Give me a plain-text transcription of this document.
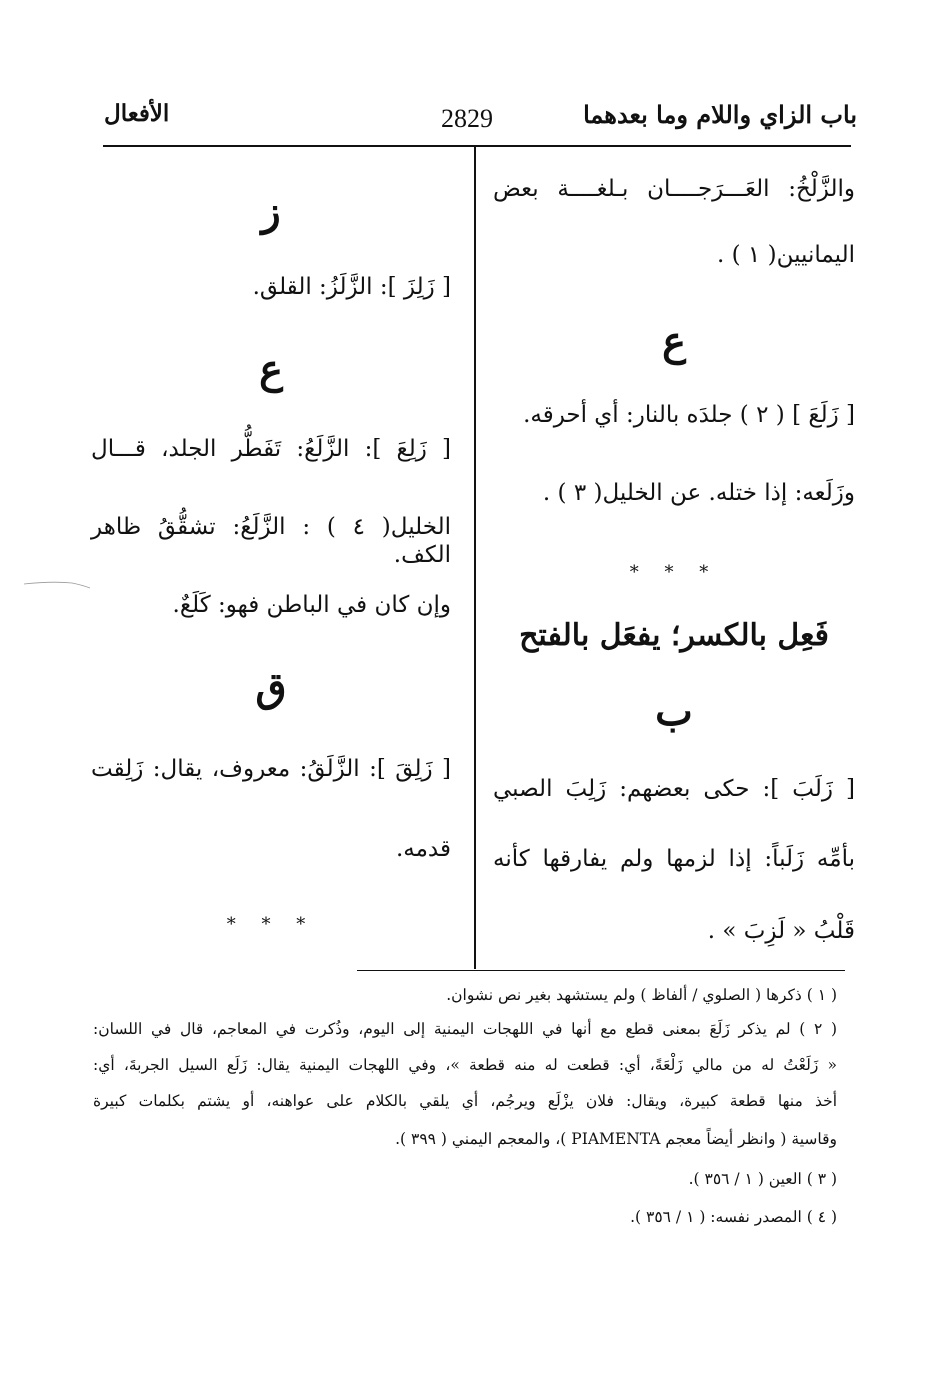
باب الزاي واللام وما بعدهما
2829
الأفعال
والزَّلْخُ: العَـــرَجــــان بـلغــــة بعض
اليمانيين( ١ ) .
ع
[ زَلَعَ ] ( ٢ ) جلدَه بالنار: أي أحرقه.
وزَلَعه: إذا ختله. عن الخليل( ٣ ) .
* * *
فَعِل بالكسر؛ يفعَل بالفتح
ب
[ زَلَبَ ]: حكى بعضهم: زَلِبَ الصبي
بأمِّه زَلَباً: إذا لزمها ولم يفارقها كأنه
قَلْبُ « لَزِبَ » .
ز
[ زَلِزَ ]: الزَّلَزُ: القلق.
ع
[ زَلِعَ ]: الزَّلَعُ: تَفَطُّر الجلد، قـــال
الخليل( ٤ ) : الزَّلَعُ: تشقُّقُ ظاهر الكف.
وإن كان في الباطن فهو: كَلَعٌ.
ق
[ زَلِقَ ]: الزَّلَقُ: معروف، يقال: زَلِقت
قدمه.
* * *
( ١ ) ذكرها ( الصلوي / ألفاظ ) ولم يستشهد بغير نص نشوان.
( ٢ ) لم يذكر زَلَعَ بمعنى قطع مع أنها في اللهجات اليمنية إلى اليوم، وذُكرت في المعاجم، قال في اللسان:
« زَلَعْتُ له من مالي زَلْعَةً، أي: قطعت له منه قطعة »، وفي اللهجات اليمنية يقال: زَلَع السيل الجربةَ، أي:
أخذ منها قطعة كبيرة، ويقال: فلان يزْلَع ويرجُم، أي يلقي بالكلام على عواهنه، أو يشتم بكلمات كبيرة
وقاسية ( وانظر أيضاً معجم PIAMENTA )، والمعجم اليمني ( ٣٩٩ ).
( ٣ ) العين ( ١ / ٣٥٦ ).
( ٤ ) المصدر نفسه: ( ١ / ٣٥٦ ).
